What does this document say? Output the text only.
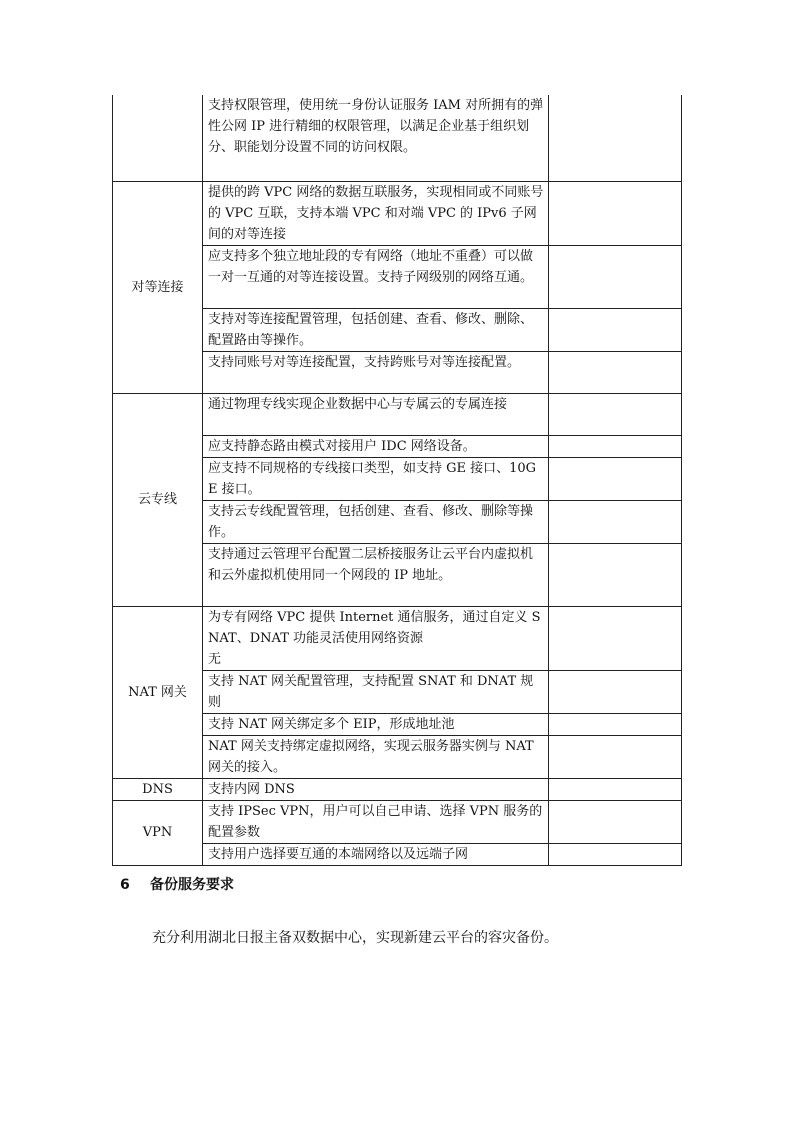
	支持权限管理，使用统一身份认证服务 IAM 对所拥有的弹性公网 IP 进行精细的权限管理，以满足企业基于组织划分、职能划分设置不同的访问权限。	
对等连接	提供的跨 VPC 网络的数据互联服务，实现相同或不同账号的 VPC 互联，支持本端 VPC 和对端 VPC 的 IPv6 子网间的对等连接	
	应支持多个独立地址段的专有网络（地址不重叠）可以做一对一互通的对等连接设置。支持子网级别的网络互通。	
	支持对等连接配置管理，包括创建、查看、修改、删除、配置路由等操作。	
	支持同账号对等连接配置，支持跨账号对等连接配置。	
云专线	通过物理专线实现企业数据中心与专属云的专属连接	
	应支持静态路由模式对接用户 IDC 网络设备。	
	应支持不同规格的专线接口类型，如支持 GE 接口、10GE 接口。	
	支持云专线配置管理，包括创建、查看、修改、删除等操作。	
	支持通过云管理平台配置二层桥接服务让云平台内虚拟机和云外虚拟机使用同一个网段的 IP 地址。	
NAT 网关	为专有网络 VPC 提供 Internet 通信服务，通过自定义 SNAT、DNAT 功能灵活使用网络资源
无	
	支持 NAT 网关配置管理，支持配置 SNAT 和 DNAT 规则	
	支持 NAT 网关绑定多个 EIP，形成地址池	
	NAT 网关支持绑定虚拟网络，实现云服务器实例与 NAT 网关的接入。	
DNS	支持内网 DNS	
VPN	支持 IPSec VPN，用户可以自己申请、选择 VPN 服务的配置参数	
	支持用户选择要互通的本端网络以及远端子网	
6 备份服务要求
充分利用湖北日报主备双数据中心，实现新建云平台的容灾备份。
